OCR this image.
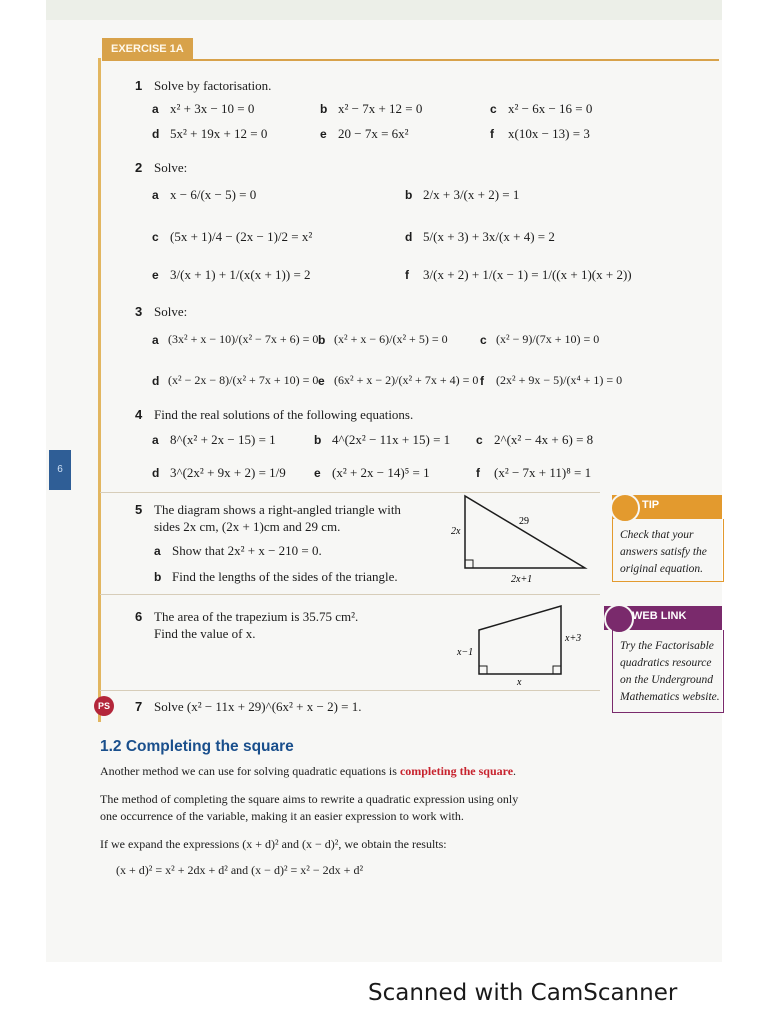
EXERCISE 1A
6
1 Solve by factorisation.
a x² + 3x − 10 = 0	b x² − 7x + 12 = 0	c x² − 6x − 16 = 0
d 5x² + 19x + 12 = 0	e 20 − 7x = 6x²	f x(10x − 13) = 3
2 Solve:
a x − 6/(x − 5) = 0	b 2/x + 3/(x + 2) = 1
c (5x + 1)/4 − (2x − 1)/2 = x²	d 5/(x + 3) + 3x/(x + 4) = 2
e 3/(x + 1) + 1/(x(x + 1)) = 2	f 3/(x + 2) + 1/(x − 1) = 1/((x + 1)(x + 2))
3 Solve:
a (3x² + x − 10)/(x² − 7x + 6) = 0 b (x² + x − 6)/(x² + 5) = 0	c (x² − 9)/(7x + 10) = 0
d (x² − 2x − 8)/(x² + 7x + 10) = 0 e (6x² + x − 2)/(x² + 7x + 4) = 0 f (2x² + 9x − 5)/(x⁴ + 1) = 0
4 Find the real solutions of the following equations.
a 8^(x² + 2x − 15) = 1	b 4^(2x² − 11x + 15) = 1 c 2^(x² − 4x + 6) = 8
d 3^(2x² + 9x + 2) = 1/9 e (x² + 2x − 14)⁵ = 1	f (x² − 7x + 11)⁸ = 1
5 The diagram shows a right-angled triangle with
sides 2x cm, (2x + 1)cm and 29 cm.
a Show that 2x² + x − 210 = 0.
b Find the lengths of the sides of the triangle.
2x
29
2x+1
6 The area of the trapezium is 35.75 cm².
Find the value of x.
x−1
x+3
x
PS	7 Solve (x² − 11x + 29)^(6x² + x − 2) = 1.
TIP
Check that your
answers satisfy the
original equation.
WEB LINK
Try the Factorisable
quadratics resource
on the Underground
Mathematics website.
1.2 Completing the square
Another method we can use for solving quadratic equations is completing the square.
The method of completing the square aims to rewrite a quadratic expression using only
one occurrence of the variable, making it an easier expression to work with.
If we expand the expressions (x + d)² and (x − d)², we obtain the results:
(x + d)² = x² + 2dx + d² and (x − d)² = x² − 2dx + d²
Scanned with CamScanner
